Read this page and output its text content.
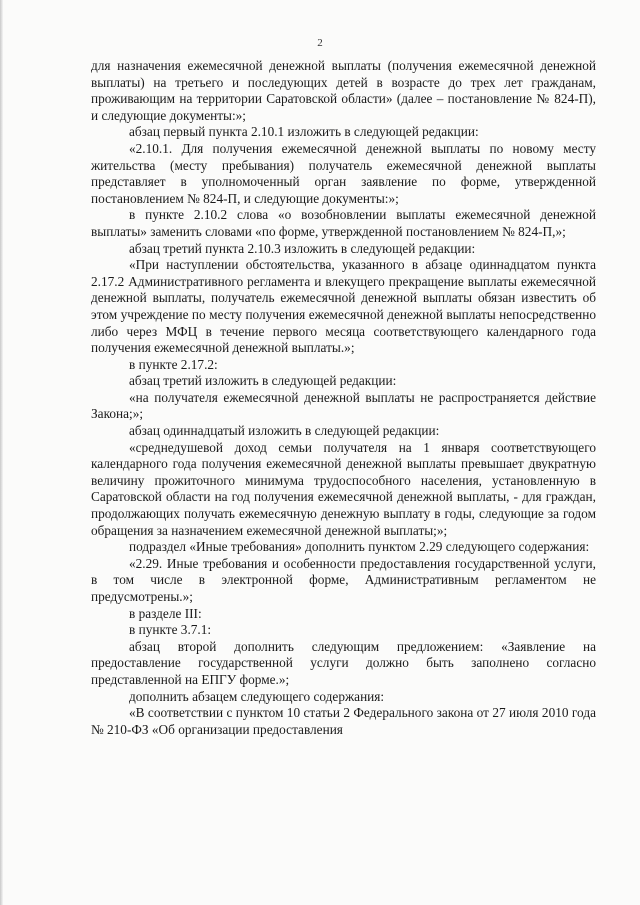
2

для назначения ежемесячной денежной выплаты (получения ежемесячной денежной выплаты) на третьего и последующих детей в возрасте до трех лет гражданам, проживающим на территории Саратовской области» (далее – постановление № 824-П), и следующие документы:»;

абзац первый пункта 2.10.1 изложить в следующей редакции:

«2.10.1. Для получения ежемесячной денежной выплаты по новому месту жительства (месту пребывания) получатель ежемесячной денежной выплаты представляет в уполномоченный орган заявление по форме, утвержденной постановлением № 824-П, и следующие документы:»;

в пункте 2.10.2 слова «о возобновлении выплаты ежемесячной денежной выплаты» заменить словами «по форме, утвержденной постановлением № 824-П,»;

абзац третий пункта 2.10.3 изложить в следующей редакции:

«При наступлении обстоятельства, указанного в абзаце одиннадцатом пункта 2.17.2 Административного регламента и влекущего прекращение выплаты ежемесячной денежной выплаты, получатель ежемесячной денежной выплаты обязан известить об этом учреждение по месту получения ежемесячной денежной выплаты непосредственно либо через МФЦ в течение первого месяца соответствующего календарного года получения ежемесячной денежной выплаты.»;

в пункте 2.17.2:

абзац третий изложить в следующей редакции:

«на получателя ежемесячной денежной выплаты не распространяется действие Закона;»;

абзац одиннадцатый изложить в следующей редакции:

«среднедушевой доход семьи получателя на 1 января соответствующего календарного года получения ежемесячной денежной выплаты превышает двукратную величину прожиточного минимума трудоспособного населения, установленную в Саратовской области на год получения ежемесячной денежной выплаты, - для граждан, продолжающих получать ежемесячную денежную выплату в годы, следующие за годом обращения за назначением ежемесячной денежной выплаты;»;

подраздел «Иные требования» дополнить пунктом 2.29 следующего содержания:

«2.29. Иные требования и особенности предоставления государственной услуги, в том числе в электронной форме, Административным регламентом не предусмотрены.»;

в разделе III:

в пункте 3.7.1:

абзац второй дополнить следующим предложением: «Заявление на предоставление государственной услуги должно быть заполнено согласно представленной на ЕПГУ форме.»;

дополнить абзацем следующего содержания:

«В соответствии с пунктом 10 статьи 2 Федерального закона от 27 июля 2010 года № 210-ФЗ «Об организации предоставления
